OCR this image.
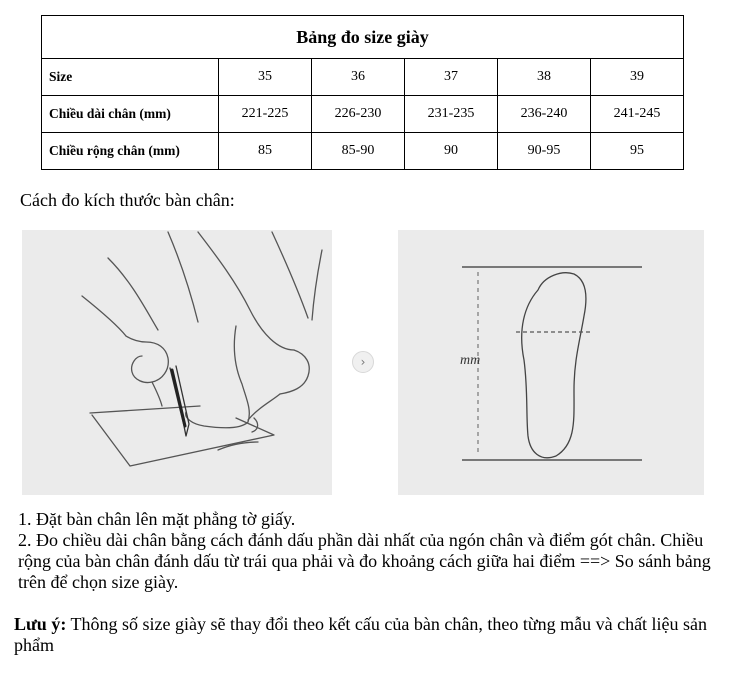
Bảng đo size giày					
Size	35	36	37	38	39
Chiều dài chân (mm)	221-225	226-230	231-235	236-240	241-245
Chiều rộng chân (mm)	85	85-90	90	90-95	95
Cách đo kích thước bàn chân:
›	mm

1. Đặt bàn chân lên mặt phẳng tờ giấy.

2. Đo chiều dài chân bằng cách đánh dấu phần dài nhất của ngón chân và điểm gót chân. Chiều rộng của bàn chân đánh dấu từ trái qua phải và đo khoảng cách giữa hai điểm ==> So sánh bảng trên để chọn size giày.

Lưu ý: Thông số size giày sẽ thay đổi theo kết cấu của bàn chân, theo từng mẫu và chất liệu sản phẩm
